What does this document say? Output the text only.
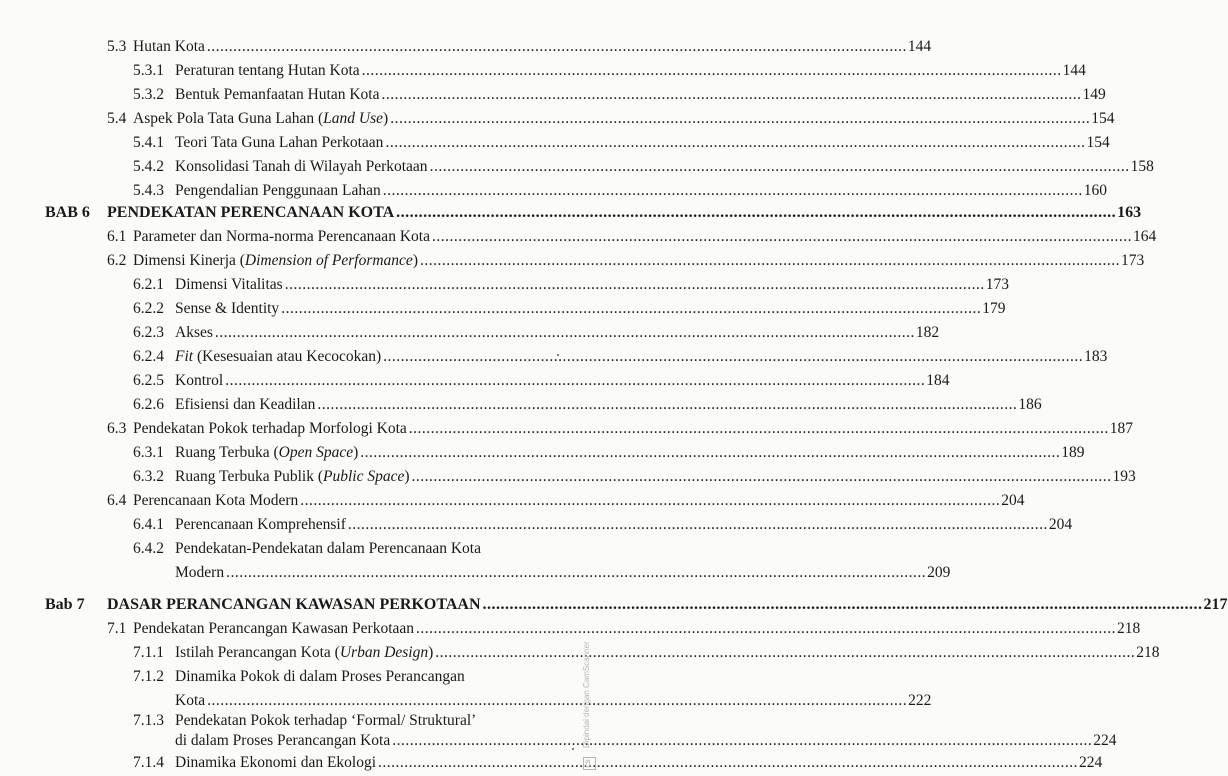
5.3 Hutan Kota
.....	144
5.3.1 Peraturan tentang Hutan Kota
.....	144
5.3.2 Bentuk Pemanfaatan Hutan Kota
.....	149
5.4 Aspek Pola Tata Guna Lahan (Land Use)
.....	154
5.4.1 Teori Tata Guna Lahan Perkotaan
.....	154
5.4.2 Konsolidasi Tanah di Wilayah Perkotaan
.....	158
5.4.3 Pengendalian Penggunaan Lahan
.....	160
BAB 6	PENDEKATAN PERENCANAAN KOTA
.....	163
6.1 Parameter dan Norma-norma Perencanaan Kota
.....	164
6.2 Dimensi Kinerja (Dimension of Performance)
.....	173
6.2.1 Dimensi Vitalitas
.....	173
6.2.2 Sense & Identity
.....	179
6.2.3 Akses
.....	182
6.2.4 Fit (Kesesuaian atau Kecocokan)
.....	183
6.2.5 Kontrol
.....	184
6.2.6 Efisiensi dan Keadilan
.....	186
6.3 Pendekatan Pokok terhadap Morfologi Kota
.....	187
6.3.1 Ruang Terbuka (Open Space)
.....	189
6.3.2 Ruang Terbuka Publik (Public Space)
.....	193
6.4 Perencanaan Kota Modern
.....	204
6.4.1 Perencanaan Komprehensif
.....	204
6.4.2 Pendekatan-Pendekatan dalam Perencanaan Kota
Modern
.....	209
Bab 7	DASAR PERANCANGAN KAWASAN PERKOTAAN
.....	217
7.1 Pendekatan Perancangan Kawasan Perkotaan
.....	218
7.1.1 Istilah Perancangan Kota (Urban Design)
.....	218
7.1.2 Dinamika Pokok di dalam Proses Perancangan
Kota
.....	222
7.1.3 Pendekatan Pokok terhadap ‘Formal/ Struktural’
di dalam Proses Perancangan Kota
.....	224
7.1.4 Dinamika Ekonomi dan Ekologi
.....	224
Dipindai dengan CamScanner
CS
